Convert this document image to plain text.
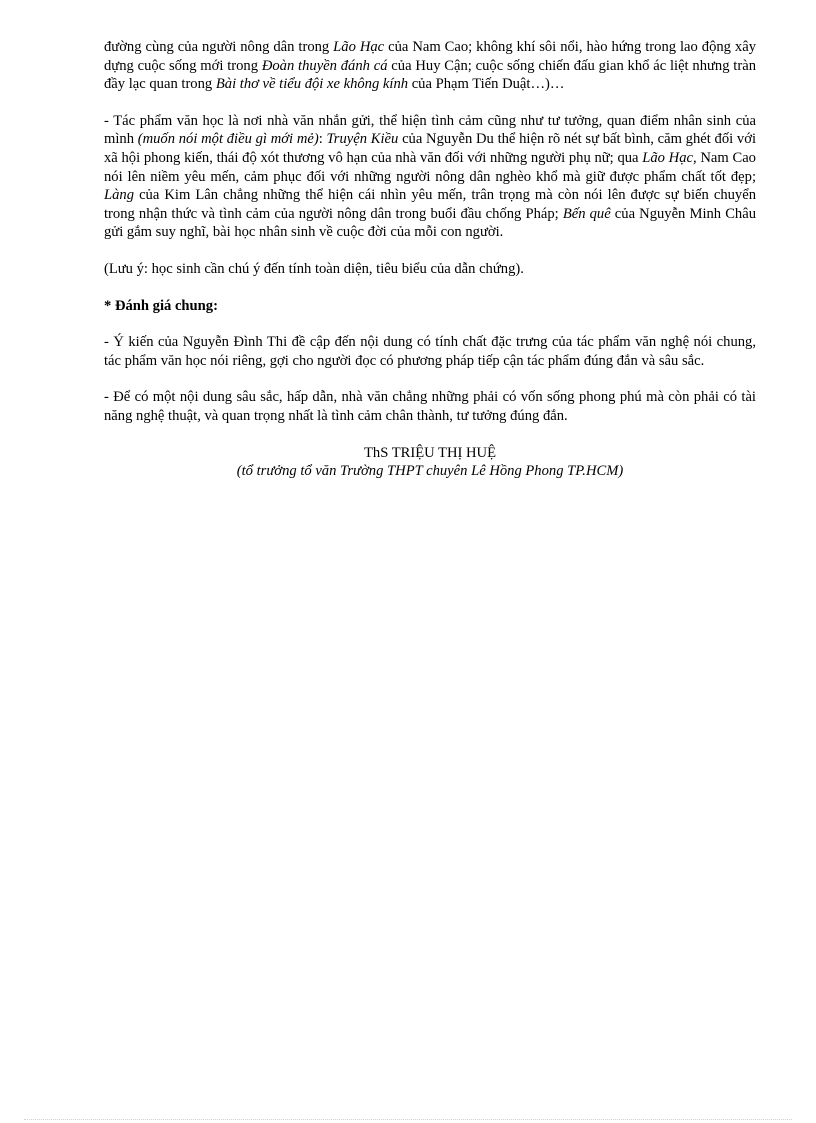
đường cùng của người nông dân trong Lão Hạc của Nam Cao; không khí sôi nổi, hào hứng trong lao động xây dựng cuộc sống mới trong Đoàn thuyền đánh cá của Huy Cận; cuộc sống chiến đấu gian khổ ác liệt nhưng tràn đầy lạc quan trong Bài thơ về tiểu đội xe không kính của Phạm Tiến Duật…)…

- Tác phẩm văn học là nơi nhà văn nhắn gửi, thể hiện tình cảm cũng như tư tưởng, quan điểm nhân sinh của mình (muốn nói một điều gì mới mẻ): Truyện Kiều của Nguyễn Du thể hiện rõ nét sự bất bình, căm ghét đối với xã hội phong kiến, thái độ xót thương vô hạn của nhà văn đối với những người phụ nữ; qua Lão Hạc, Nam Cao nói lên niềm yêu mến, cảm phục đối với những người nông dân nghèo khổ mà giữ được phẩm chất tốt đẹp; Làng của Kim Lân chẳng những thể hiện cái nhìn yêu mến, trân trọng mà còn nói lên được sự biến chuyển trong nhận thức và tình cảm của người nông dân trong buổi đầu chống Pháp; Bến quê của Nguyễn Minh Châu gửi gắm suy nghĩ, bài học nhân sinh về cuộc đời của mỗi con người.

(Lưu ý: học sinh cần chú ý đến tính toàn diện, tiêu biểu của dẫn chứng).

* Đánh giá chung:

- Ý kiến của Nguyễn Đình Thi đề cập đến nội dung có tính chất đặc trưng của tác phẩm văn nghệ nói chung, tác phẩm văn học nói riêng, gợi cho người đọc có phương pháp tiếp cận tác phẩm đúng đắn và sâu sắc.

- Để có một nội dung sâu sắc, hấp dẫn, nhà văn chẳng những phải có vốn sống phong phú mà còn phải có tài năng nghệ thuật, và quan trọng nhất là tình cảm chân thành, tư tưởng đúng đắn.

ThS TRIỆU THỊ HUỆ
(tổ trưởng tổ văn Trường THPT chuyên Lê Hồng Phong TP.HCM)
